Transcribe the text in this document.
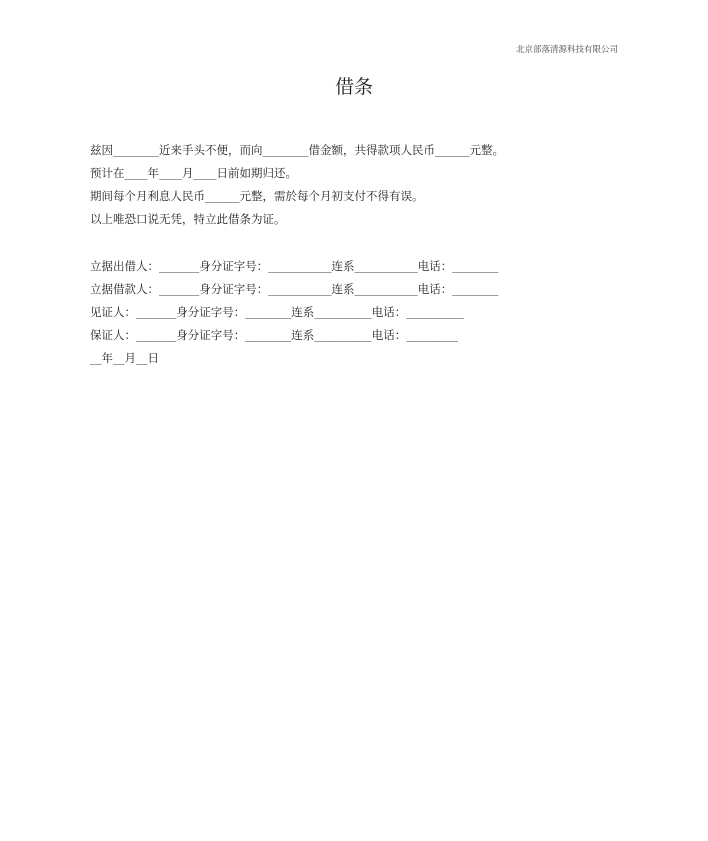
北京部落清源科技有限公司
借条
兹因________近来手头不便，而向________借金额，共得款项人民币______元整。
预计在____年____月____日前如期归还。
期间每个月利息人民币______元整，需於每个月初支付不得有误。
以上唯恐口说无凭，特立此借条为证。
立据出借人：_______身分证字号：___________连系___________电话：________
立据借款人：_______身分证字号：___________连系___________电话：________
见证人：_______身分证字号：________连系__________电话：__________
保证人：_______身分证字号：________连系__________电话：_________
__年__月__日
